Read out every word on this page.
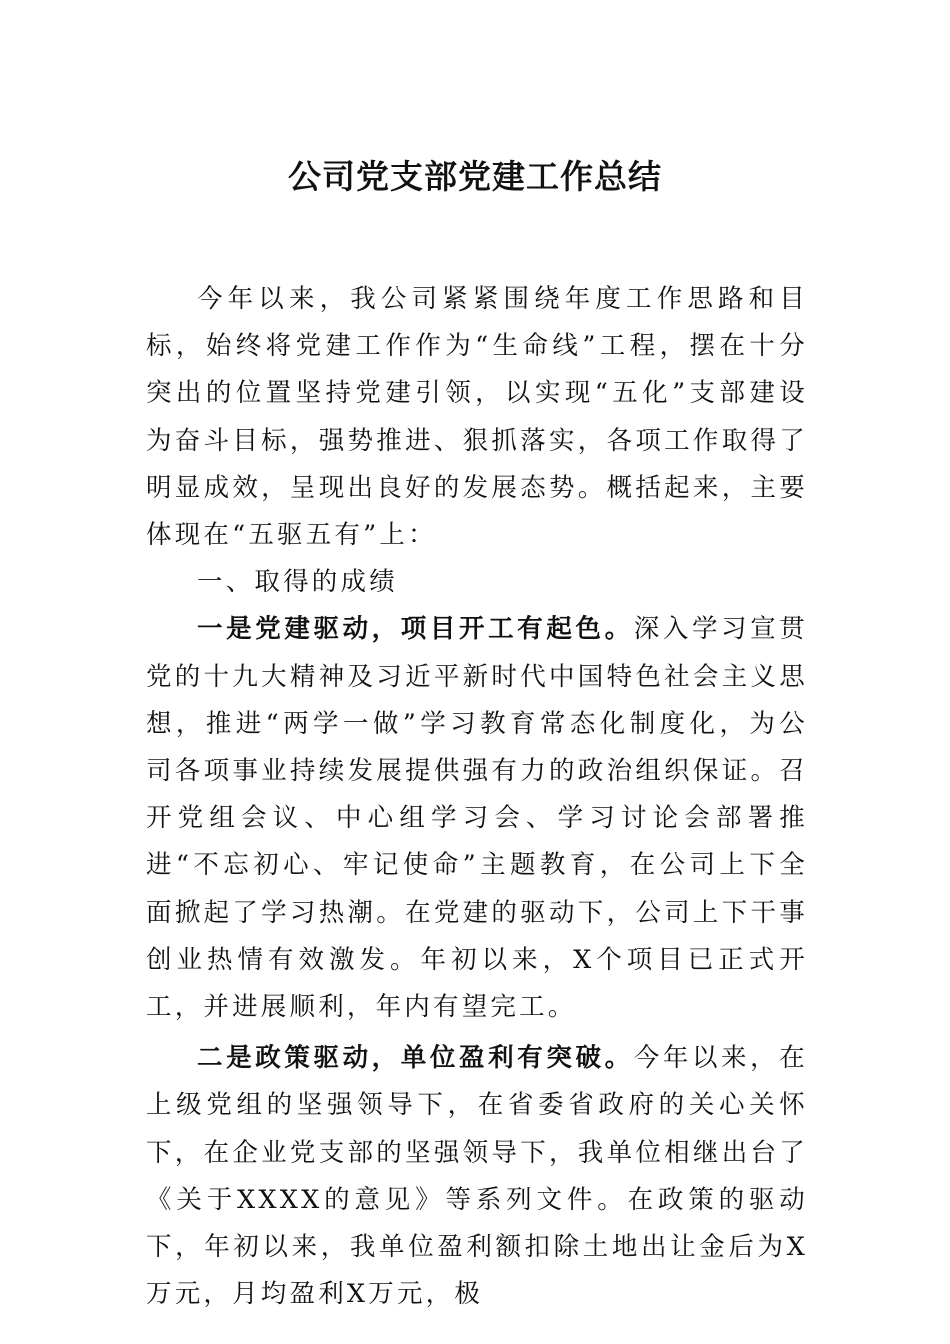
公司党支部党建工作总结

今年以来，我公司紧紧围绕年度工作思路和目标，始终将党建工作作为“生命线”工程，摆在十分突出的位置坚持党建引领，以实现“五化”支部建设为奋斗目标，强势推进、狠抓落实，各项工作取得了明显成效，呈现出良好的发展态势。概括起来，主要体现在“五驱五有”上：

一、取得的成绩

一是党建驱动，项目开工有起色。深入学习宣贯党的十九大精神及习近平新时代中国特色社会主义思想，推进“两学一做”学习教育常态化制度化，为公司各项事业持续发展提供强有力的政治组织保证。召开党组会议、中心组学习会、学习讨论会部署推进“不忘初心、牢记使命”主题教育，在公司上下全面掀起了学习热潮。在党建的驱动下，公司上下干事创业热情有效激发。年初以来，X个项目已正式开工，并进展顺利，年内有望完工。

二是政策驱动，单位盈利有突破。今年以来，在上级党组的坚强领导下，在省委省政府的关心关怀下，在企业党支部的坚强领导下，我单位相继出台了《关于XXXX的意见》等系列文件。在政策的驱动下，年初以来，我单位盈利额扣除土地出让金后为X万元，月均盈利X万元，极
